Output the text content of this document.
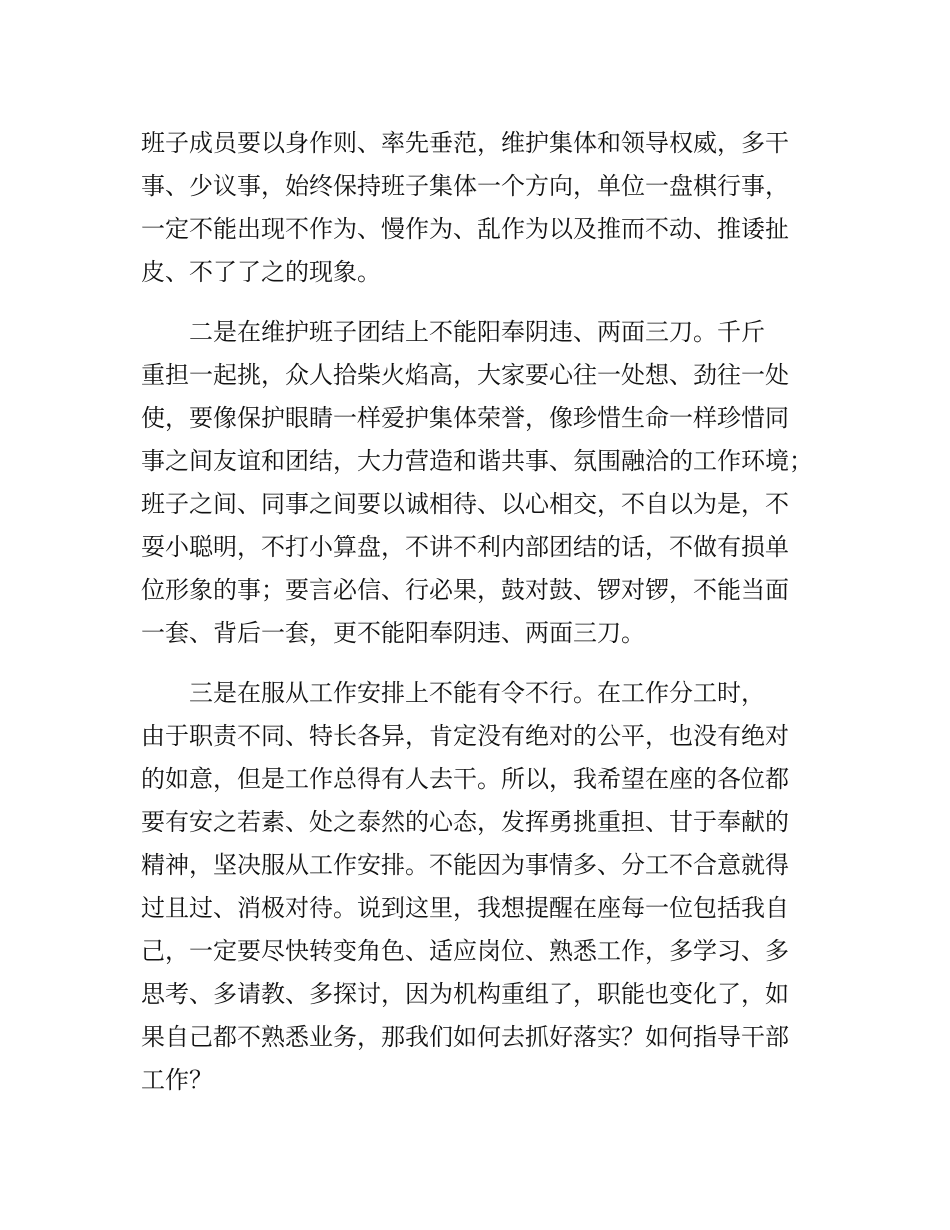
班子成员要以身作则、率先垂范，维护集体和领导权威，多干
事、少议事，始终保持班子集体一个方向，单位一盘棋行事，
一定不能出现不作为、慢作为、乱作为以及推而不动、推诿扯
皮、不了了之的现象。
二是在维护班子团结上不能阳奉阴违、两面三刀。千斤
重担一起挑，众人拾柴火焰高，大家要心往一处想、劲往一处
使，要像保护眼睛一样爱护集体荣誉，像珍惜生命一样珍惜同
事之间友谊和团结，大力营造和谐共事、氛围融洽的工作环境；
班子之间、同事之间要以诚相待、以心相交，不自以为是，不
耍小聪明，不打小算盘，不讲不利内部团结的话，不做有损单
位形象的事；要言必信、行必果，鼓对鼓、锣对锣，不能当面
一套、背后一套，更不能阳奉阴违、两面三刀。
三是在服从工作安排上不能有令不行。在工作分工时，
由于职责不同、特长各异，肯定没有绝对的公平，也没有绝对
的如意，但是工作总得有人去干。所以，我希望在座的各位都
要有安之若素、处之泰然的心态，发挥勇挑重担、甘于奉献的
精神，坚决服从工作安排。不能因为事情多、分工不合意就得
过且过、消极对待。说到这里，我想提醒在座每一位包括我自
己，一定要尽快转变角色、适应岗位、熟悉工作，多学习、多
思考、多请教、多探讨，因为机构重组了，职能也变化了，如
果自己都不熟悉业务，那我们如何去抓好落实？如何指导干部
工作？
